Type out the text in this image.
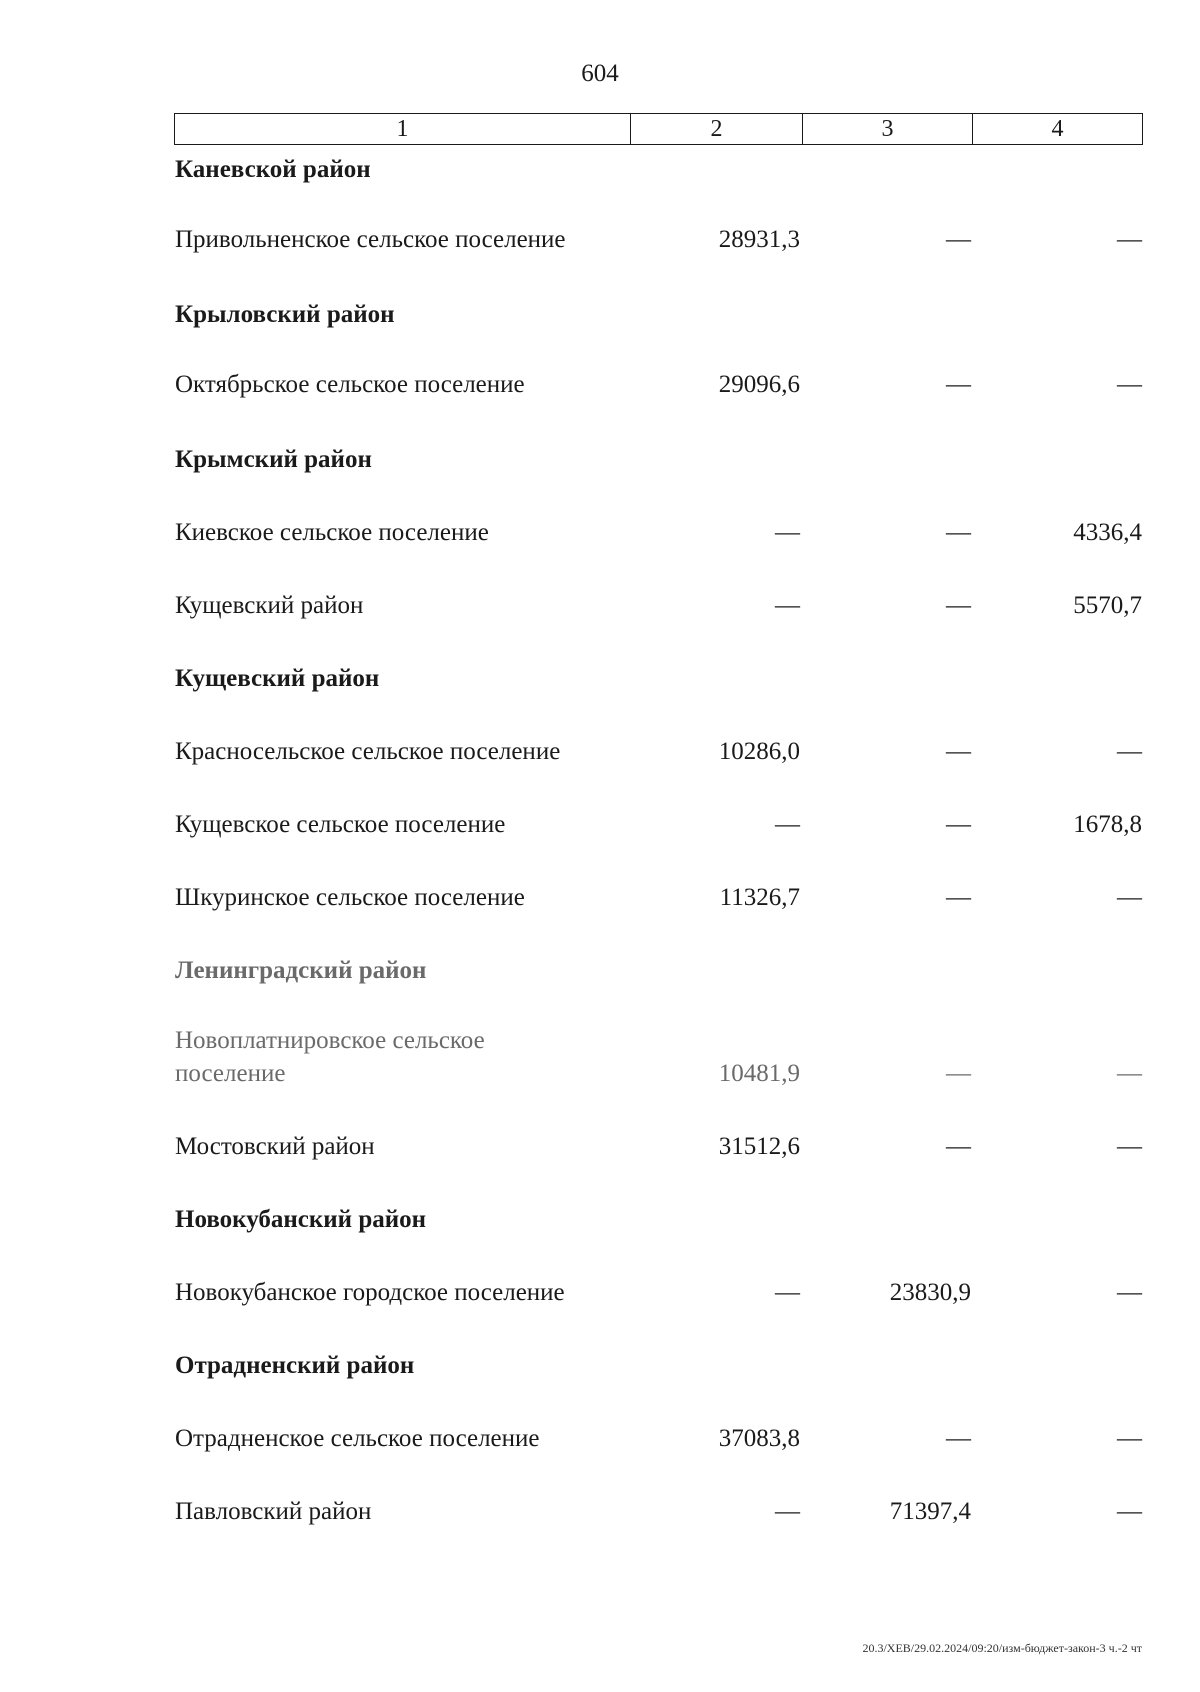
604
1	2	3	4
Каневской район
Привольненское сельское поселение	28931,3	—	—
Крыловский район
Октябрьское сельское поселение	29096,6	—	—
Крымский район
Киевское сельское поселение	—	—	4336,4
Кущевский район	—	—	5570,7
Кущевский район
Красносельское сельское поселение	10286,0	—	—
Кущевское сельское поселение	—	—	1678,8
Шкуринское сельское поселение	11326,7	—	—
Ленинградский район
Новоплатнировское сельское
поселение	10481,9	—	—
Мостовский район	31512,6	—	—
Новокубанский район
Новокубанское городское поселение	—	23830,9	—
Отрадненский район
Отрадненское сельское поселение	37083,8	—	—
Павловский район	—	71397,4	—
20.3/ХЕВ/29.02.2024/09:20/изм-бюджет-закон-3 ч.-2 чт
